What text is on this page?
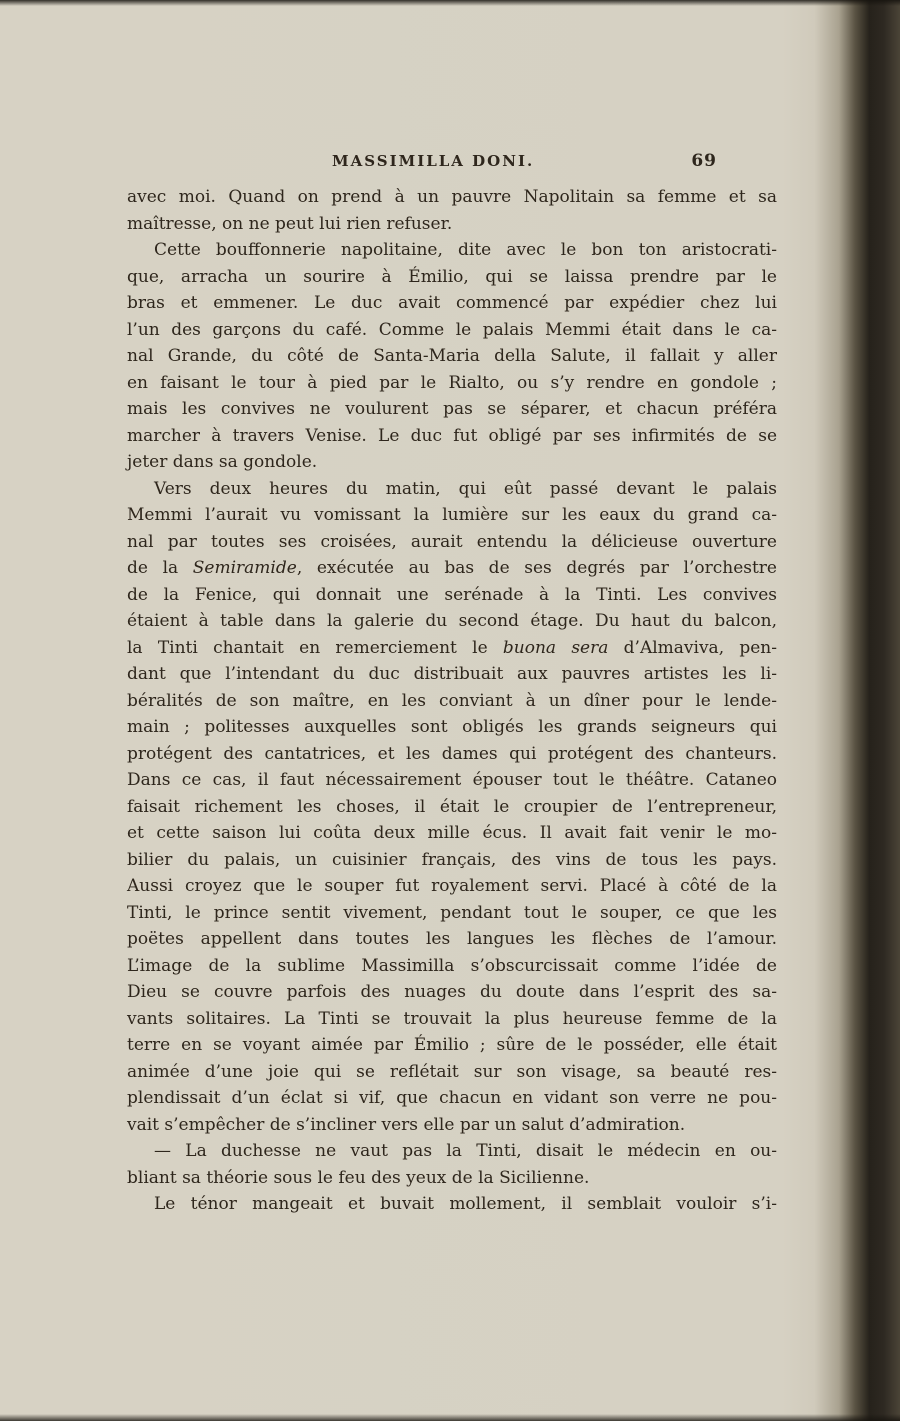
MASSIMILLA DONI.	69
avec moi. Quand on prend à un pauvre Napolitain sa femme et sa
maîtresse, on ne peut lui rien refuser.
Cette bouffonnerie napolitaine, dite avec le bon ton aristocrati-
que, arracha un sourire à Émilio, qui se laissa prendre par le
bras et emmener. Le duc avait commencé par expédier chez lui
l’un des garçons du café. Comme le palais Memmi était dans le ca-
nal Grande, du côté de Santa-Maria della Salute, il fallait y aller
en faisant le tour à pied par le Rialto, ou s’y rendre en gondole ;
mais les convives ne voulurent pas se séparer, et chacun préféra
marcher à travers Venise. Le duc fut obligé par ses infirmités de se
jeter dans sa gondole.
Vers deux heures du matin, qui eût passé devant le palais
Memmi l’aurait vu vomissant la lumière sur les eaux du grand ca-
nal par toutes ses croisées, aurait entendu la délicieuse ouverture
de la Semiramide, exécutée au bas de ses degrés par l’orchestre
de la Fenice, qui donnait une serénade à la Tinti. Les convives
étaient à table dans la galerie du second étage. Du haut du balcon,
la Tinti chantait en remerciement le buona sera d’Almaviva, pen-
dant que l’intendant du duc distribuait aux pauvres artistes les li-
béralités de son maître, en les conviant à un dîner pour le lende-
main ; politesses auxquelles sont obligés les grands seigneurs qui
protégent des cantatrices, et les dames qui protégent des chanteurs.
Dans ce cas, il faut nécessairement épouser tout le théâtre. Cataneo
faisait richement les choses, il était le croupier de l’entrepreneur,
et cette saison lui coûta deux mille écus. Il avait fait venir le mo-
bilier du palais, un cuisinier français, des vins de tous les pays.
Aussi croyez que le souper fut royalement servi. Placé à côté de la
Tinti, le prince sentit vivement, pendant tout le souper, ce que les
poëtes appellent dans toutes les langues les flèches de l’amour.
L’image de la sublime Massimilla s’obscurcissait comme l’idée de
Dieu se couvre parfois des nuages du doute dans l’esprit des sa-
vants solitaires. La Tinti se trouvait la plus heureuse femme de la
terre en se voyant aimée par Émilio ; sûre de le posséder, elle était
animée d’une joie qui se reflétait sur son visage, sa beauté res-
plendissait d’un éclat si vif, que chacun en vidant son verre ne pou-
vait s’empêcher de s’incliner vers elle par un salut d’admiration.
— La duchesse ne vaut pas la Tinti, disait le médecin en ou-
bliant sa théorie sous le feu des yeux de la Sicilienne.
Le ténor mangeait et buvait mollement, il semblait vouloir s’i-
